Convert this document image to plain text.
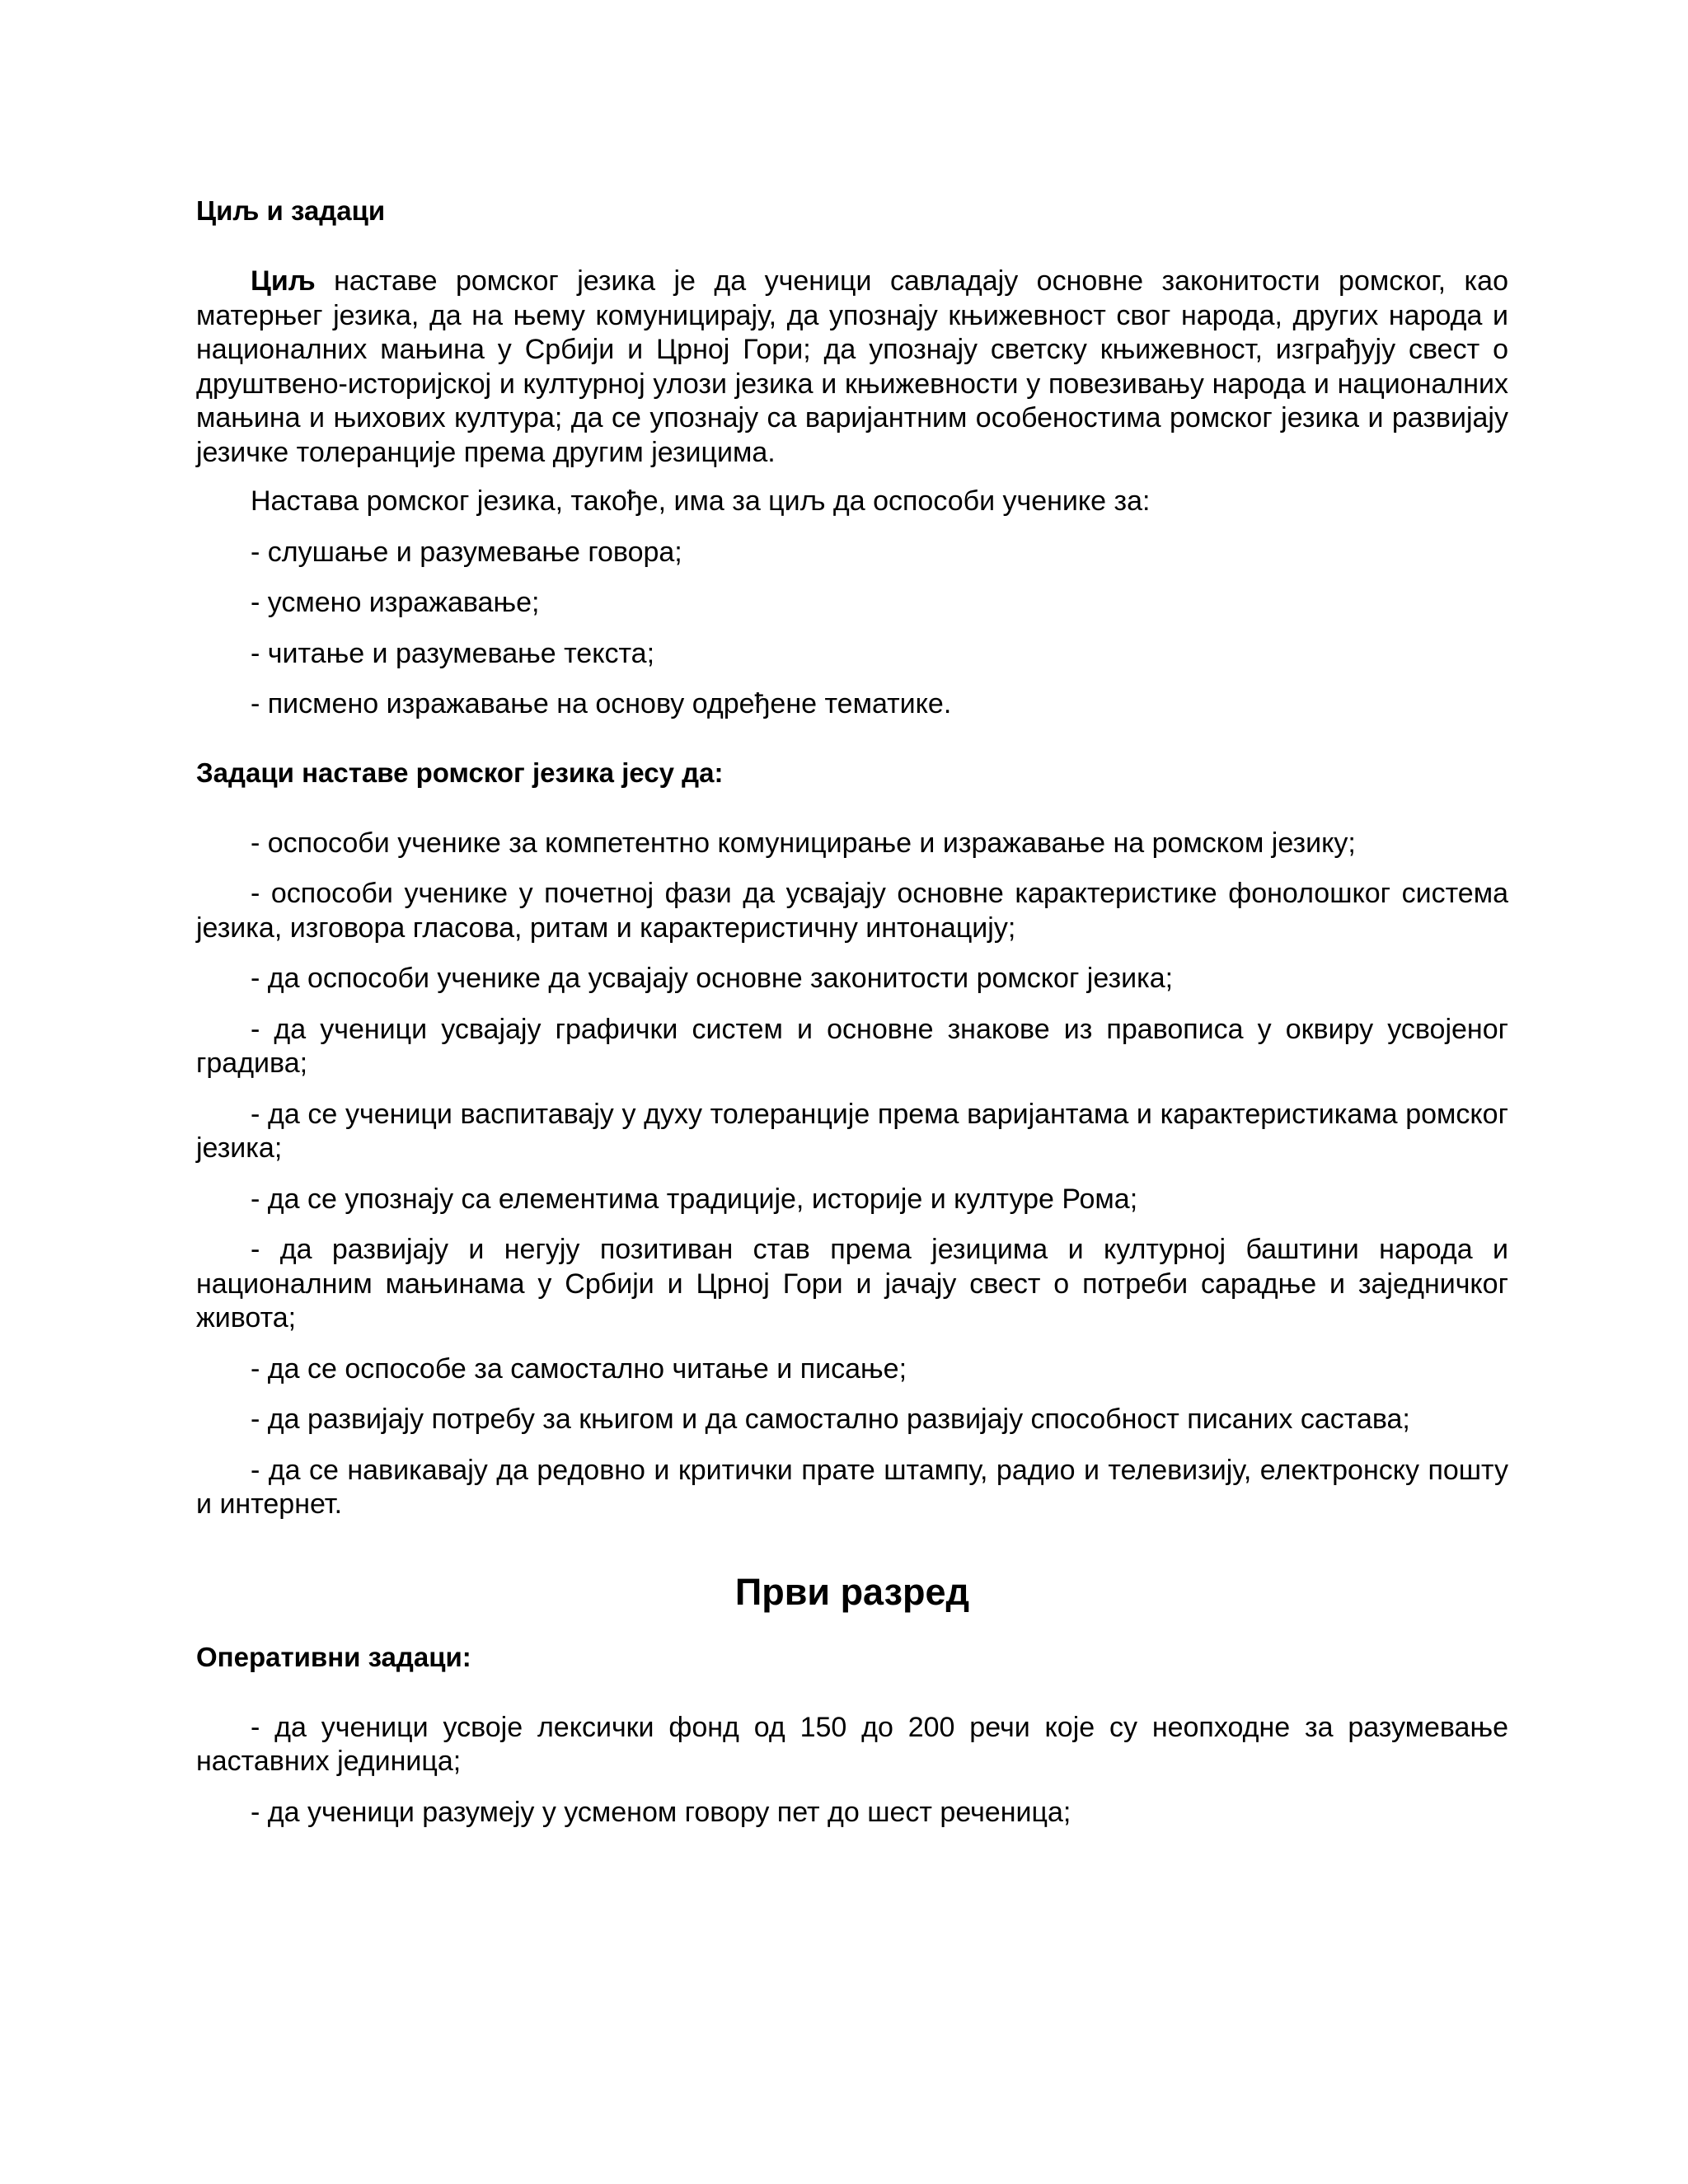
Циљ и задаци

Циљ наставе ромског језика је да ученици савладају основне законитости ромског, као матерњег језика, да на њему комуницирају, да упознају књижевност свог народа, других народа и националних мањина у Србији и Црној Гори; да упознају светску књижевност, изграђују свест о друштвено-историјској и културној улози језика и књижевности у повезивању народа и националних мањина и њихових култура; да се упознају са варијантним особеностима ромског језика и развијају језичке толеранције према другим језицима.

Настава ромског језика, такође, има за циљ да оспособи ученике за:

- слушање и разумевање говора;

- усмено изражавање;

- читање и разумевање текста;

- писмено изражавање на основу одређене тематике.

Задаци наставе ромског језика јесу да:

- оспособи ученике за компетентно комуницирање и изражавање на ромском језику;

- оспособи ученике у почетној фази да усвајају основне карактеристике фонолошког система језика, изговора гласова, ритам и карактеристичну интонацију;

- да оспособи ученике да усвајају основне законитости ромског језика;

- да ученици усвајају графички систем и основне знакове из правописа у оквиру усвојеног градива;

- да се ученици васпитавају у духу толеранције према варијантама и карактеристикама ромског језика;

- да се упознају са елементима традиције, историје и културе Рома;

- да развијају и негују позитиван став према језицима и културној баштини народа и националним мањинама у Србији и Црној Гори и јачају свест о потреби сарадње и заједничког живота;

- да се оспособе за самостално читање и писање;

- да развијају потребу за књигом и да самостално развијају способност писаних састава;

- да се навикавају да редовно и критички прате штампу, радио и телевизију, електронску пошту и интернет.

Први разред

Оперативни задаци:

- да ученици усвоје лексички фонд од 150 до 200 речи које су неопходне за разумевање наставних јединица;

- да ученици разумеју у усменом говору пет до шест реченица;
